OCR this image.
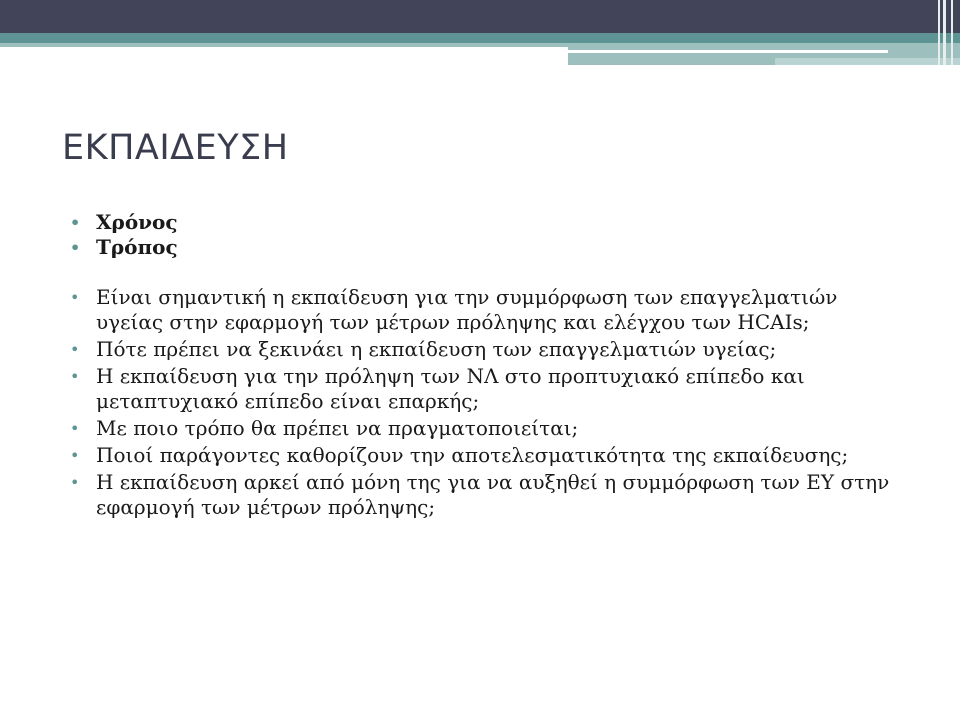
ΕΚΠΑΙΔΕΥΣΗ
• Χρόνος
• Τρόπος
• Είναι σημαντική η εκπαίδευση για την συμμόρφωση των επαγγελματιών υγείας στην εφαρμογή των μέτρων πρόληψης και ελέγχου των HCAIs;
• Πότε πρέπει να ξεκινάει η εκπαίδευση των επαγγελματιών υγείας;
• Η εκπαίδευση για την πρόληψη των ΝΛ στο προπτυχιακό επίπεδο και μεταπτυχιακό επίπεδο είναι επαρκής;
• Με ποιο τρόπο θα πρέπει να πραγματοποιείται;
• Ποιοί παράγοντες καθορίζουν την αποτελεσματικότητα της εκπαίδευσης;
• Η εκπαίδευση αρκεί από μόνη της για να αυξηθεί η συμμόρφωση των ΕΥ στην εφαρμογή των μέτρων πρόληψης;
